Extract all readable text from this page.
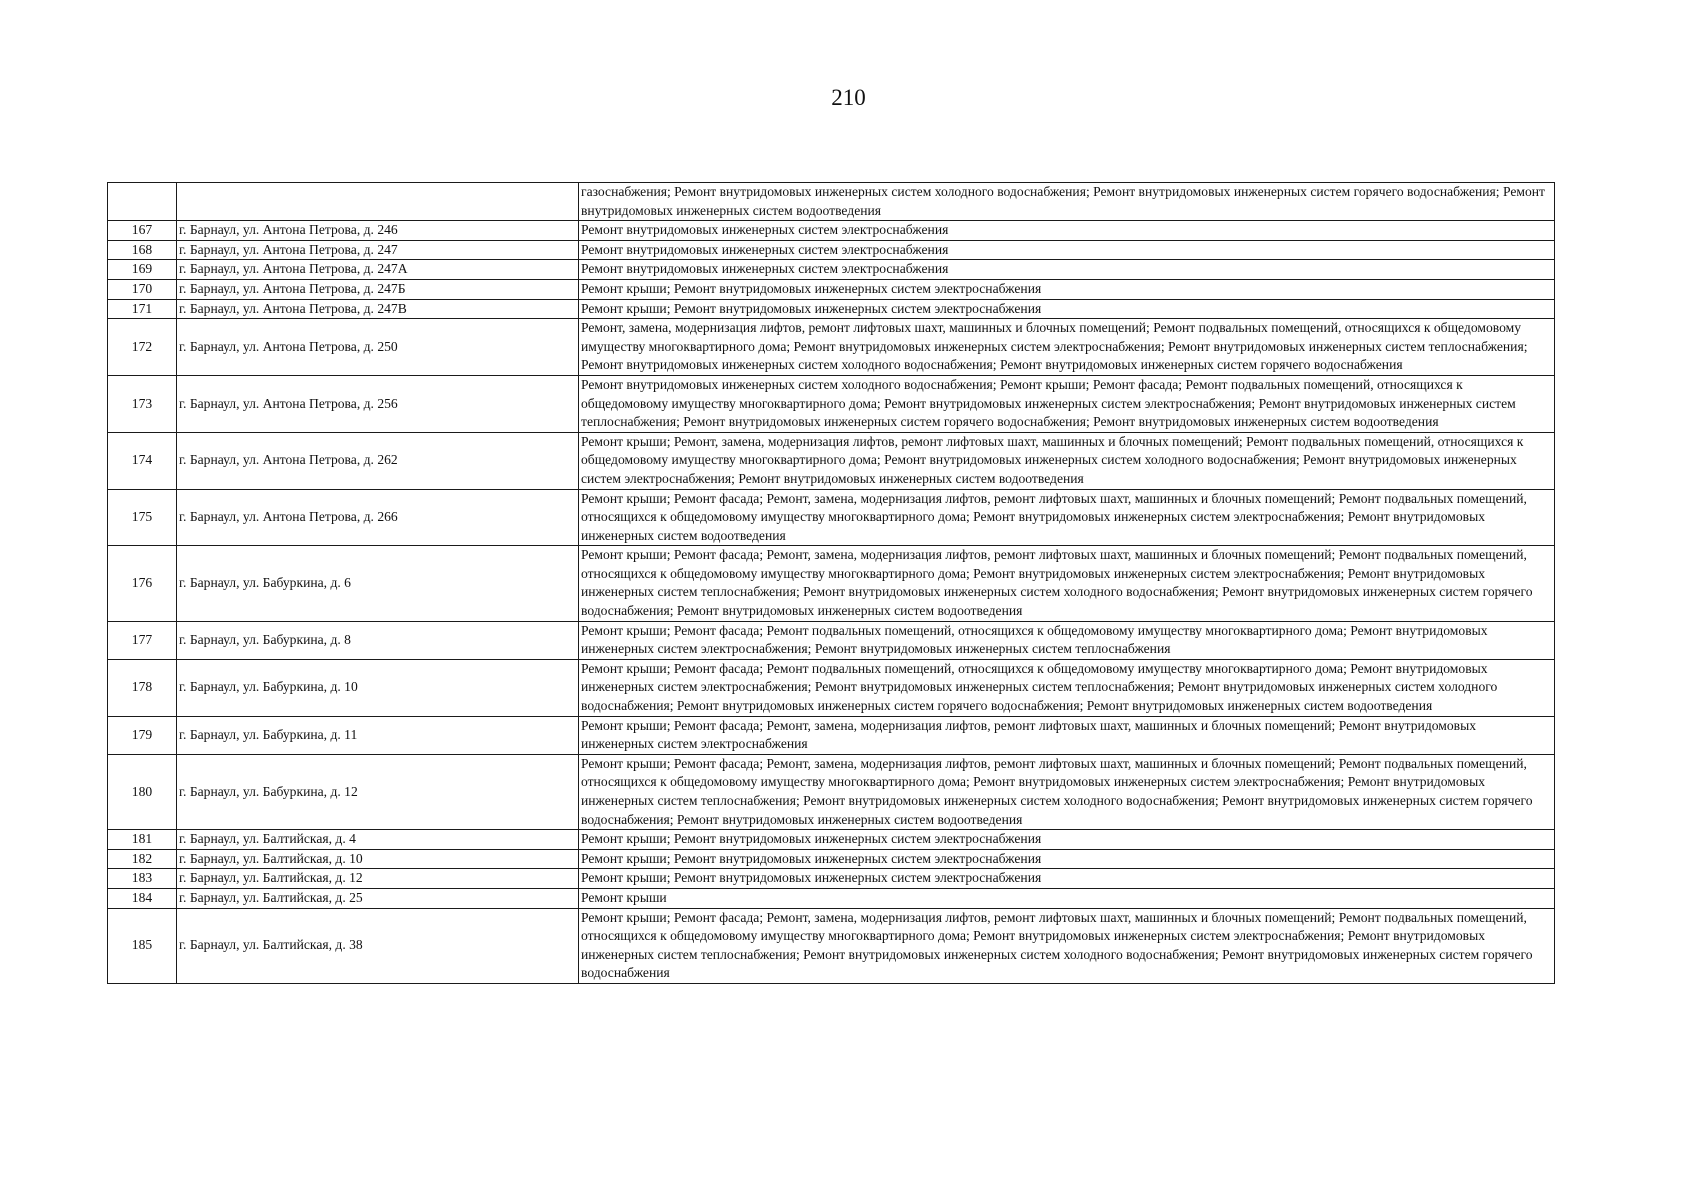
210
		газоснабжения; Ремонт внутридомовых инженерных систем холодного водоснабжения; Ремонт внутридомовых инженерных систем горячего водоснабжения; Ремонт внутридомовых инженерных систем водоотведения
167	г. Барнаул, ул. Антона Петрова, д. 246	Ремонт внутридомовых инженерных систем электроснабжения
168	г. Барнаул, ул. Антона Петрова, д. 247	Ремонт внутридомовых инженерных систем электроснабжения
169	г. Барнаул, ул. Антона Петрова, д. 247А	Ремонт внутридомовых инженерных систем электроснабжения
170	г. Барнаул, ул. Антона Петрова, д. 247Б	Ремонт крыши; Ремонт внутридомовых инженерных систем электроснабжения
171	г. Барнаул, ул. Антона Петрова, д. 247В	Ремонт крыши; Ремонт внутридомовых инженерных систем электроснабжения
172	г. Барнаул, ул. Антона Петрова, д. 250	Ремонт, замена, модернизация лифтов, ремонт лифтовых шахт, машинных и блочных помещений; Ремонт подвальных помещений, относящихся к общедомовому имуществу многоквартирного дома; Ремонт внутридомовых инженерных систем электроснабжения; Ремонт внутридомовых инженерных систем теплоснабжения; Ремонт внутридомовых инженерных систем холодного водоснабжения; Ремонт внутридомовых инженерных систем горячего водоснабжения
173	г. Барнаул, ул. Антона Петрова, д. 256	Ремонт внутридомовых инженерных систем холодного водоснабжения; Ремонт крыши; Ремонт фасада; Ремонт подвальных помещений, относящихся к общедомовому имуществу многоквартирного дома; Ремонт внутридомовых инженерных систем электроснабжения; Ремонт внутридомовых инженерных систем теплоснабжения; Ремонт внутридомовых инженерных систем горячего водоснабжения; Ремонт внутридомовых инженерных систем водоотведения
174	г. Барнаул, ул. Антона Петрова, д. 262	Ремонт крыши; Ремонт, замена, модернизация лифтов, ремонт лифтовых шахт, машинных и блочных помещений; Ремонт подвальных помещений, относящихся к общедомовому имуществу многоквартирного дома; Ремонт внутридомовых инженерных систем холодного водоснабжения; Ремонт внутридомовых инженерных систем электроснабжения; Ремонт внутридомовых инженерных систем водоотведения
175	г. Барнаул, ул. Антона Петрова, д. 266	Ремонт крыши; Ремонт фасада; Ремонт, замена, модернизация лифтов, ремонт лифтовых шахт, машинных и блочных помещений; Ремонт подвальных помещений, относящихся к общедомовому имуществу многоквартирного дома; Ремонт внутридомовых инженерных систем электроснабжения; Ремонт внутридомовых инженерных систем водоотведения
176	г. Барнаул, ул. Бабуркина, д. 6	Ремонт крыши; Ремонт фасада; Ремонт, замена, модернизация лифтов, ремонт лифтовых шахт, машинных и блочных помещений; Ремонт подвальных помещений, относящихся к общедомовому имуществу многоквартирного дома; Ремонт внутридомовых инженерных систем электроснабжения; Ремонт внутридомовых инженерных систем теплоснабжения; Ремонт внутридомовых инженерных систем холодного водоснабжения; Ремонт внутридомовых инженерных систем горячего водоснабжения; Ремонт внутридомовых инженерных систем водоотведения
177	г. Барнаул, ул. Бабуркина, д. 8	Ремонт крыши; Ремонт фасада; Ремонт подвальных помещений, относящихся к общедомовому имуществу многоквартирного дома; Ремонт внутридомовых инженерных систем электроснабжения; Ремонт внутридомовых инженерных систем теплоснабжения
178	г. Барнаул, ул. Бабуркина, д. 10	Ремонт крыши; Ремонт фасада; Ремонт подвальных помещений, относящихся к общедомовому имуществу многоквартирного дома; Ремонт внутридомовых инженерных систем электроснабжения; Ремонт внутридомовых инженерных систем теплоснабжения; Ремонт внутридомовых инженерных систем холодного водоснабжения; Ремонт внутридомовых инженерных систем горячего водоснабжения; Ремонт внутридомовых инженерных систем водоотведения
179	г. Барнаул, ул. Бабуркина, д. 11	Ремонт крыши; Ремонт фасада; Ремонт, замена, модернизация лифтов, ремонт лифтовых шахт, машинных и блочных помещений; Ремонт внутридомовых инженерных систем электроснабжения
180	г. Барнаул, ул. Бабуркина, д. 12	Ремонт крыши; Ремонт фасада; Ремонт, замена, модернизация лифтов, ремонт лифтовых шахт, машинных и блочных помещений; Ремонт подвальных помещений, относящихся к общедомовому имуществу многоквартирного дома; Ремонт внутридомовых инженерных систем электроснабжения; Ремонт внутридомовых инженерных систем теплоснабжения; Ремонт внутридомовых инженерных систем холодного водоснабжения; Ремонт внутридомовых инженерных систем горячего водоснабжения; Ремонт внутридомовых инженерных систем водоотведения
181	г. Барнаул, ул. Балтийская, д. 4	Ремонт крыши; Ремонт внутридомовых инженерных систем электроснабжения
182	г. Барнаул, ул. Балтийская, д. 10	Ремонт крыши; Ремонт внутридомовых инженерных систем электроснабжения
183	г. Барнаул, ул. Балтийская, д. 12	Ремонт крыши; Ремонт внутридомовых инженерных систем электроснабжения
184	г. Барнаул, ул. Балтийская, д. 25	Ремонт крыши
185	г. Барнаул, ул. Балтийская, д. 38	Ремонт крыши; Ремонт фасада; Ремонт, замена, модернизация лифтов, ремонт лифтовых шахт, машинных и блочных помещений; Ремонт подвальных помещений, относящихся к общедомовому имуществу многоквартирного дома; Ремонт внутридомовых инженерных систем электроснабжения; Ремонт внутридомовых инженерных систем теплоснабжения; Ремонт внутридомовых инженерных систем холодного водоснабжения; Ремонт внутридомовых инженерных систем горячего водоснабжения
